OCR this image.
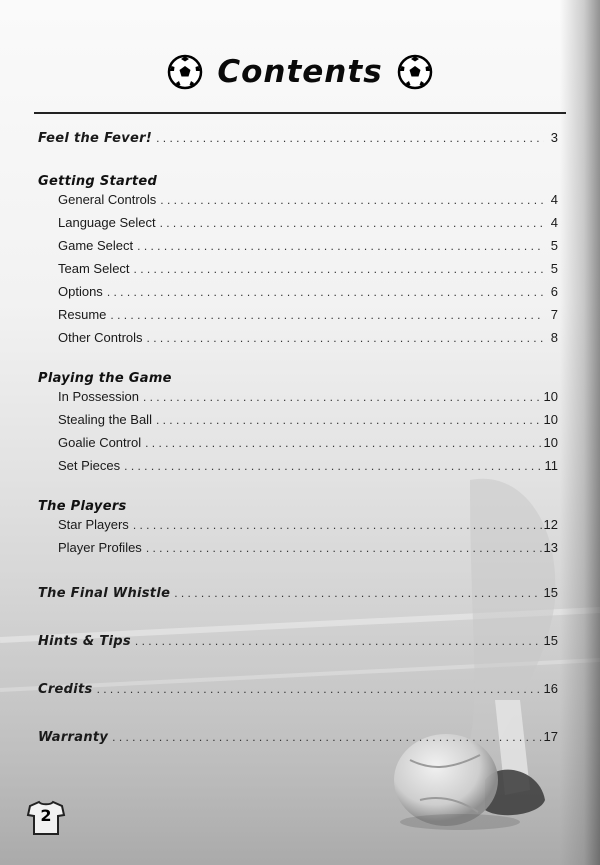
Contents
Feel the Fever! . . .	3
Getting Started
General Controls . . .	4
Language Select . . .	4
Game Select . . .	5
Team Select . . .	5
Options . . .	6
Resume . . .	7
Other Controls . . .	8
Playing the Game
In Possession . . .	10
Stealing the Ball . . .	10
Goalie Control . . .	10
Set Pieces . . .	11
The Players
Star Players . . .	12
Player Profiles . . .	13
The Final Whistle . . .	15
Hints & Tips . . .	15
Credits . . .	16
Warranty . . .	17
2
